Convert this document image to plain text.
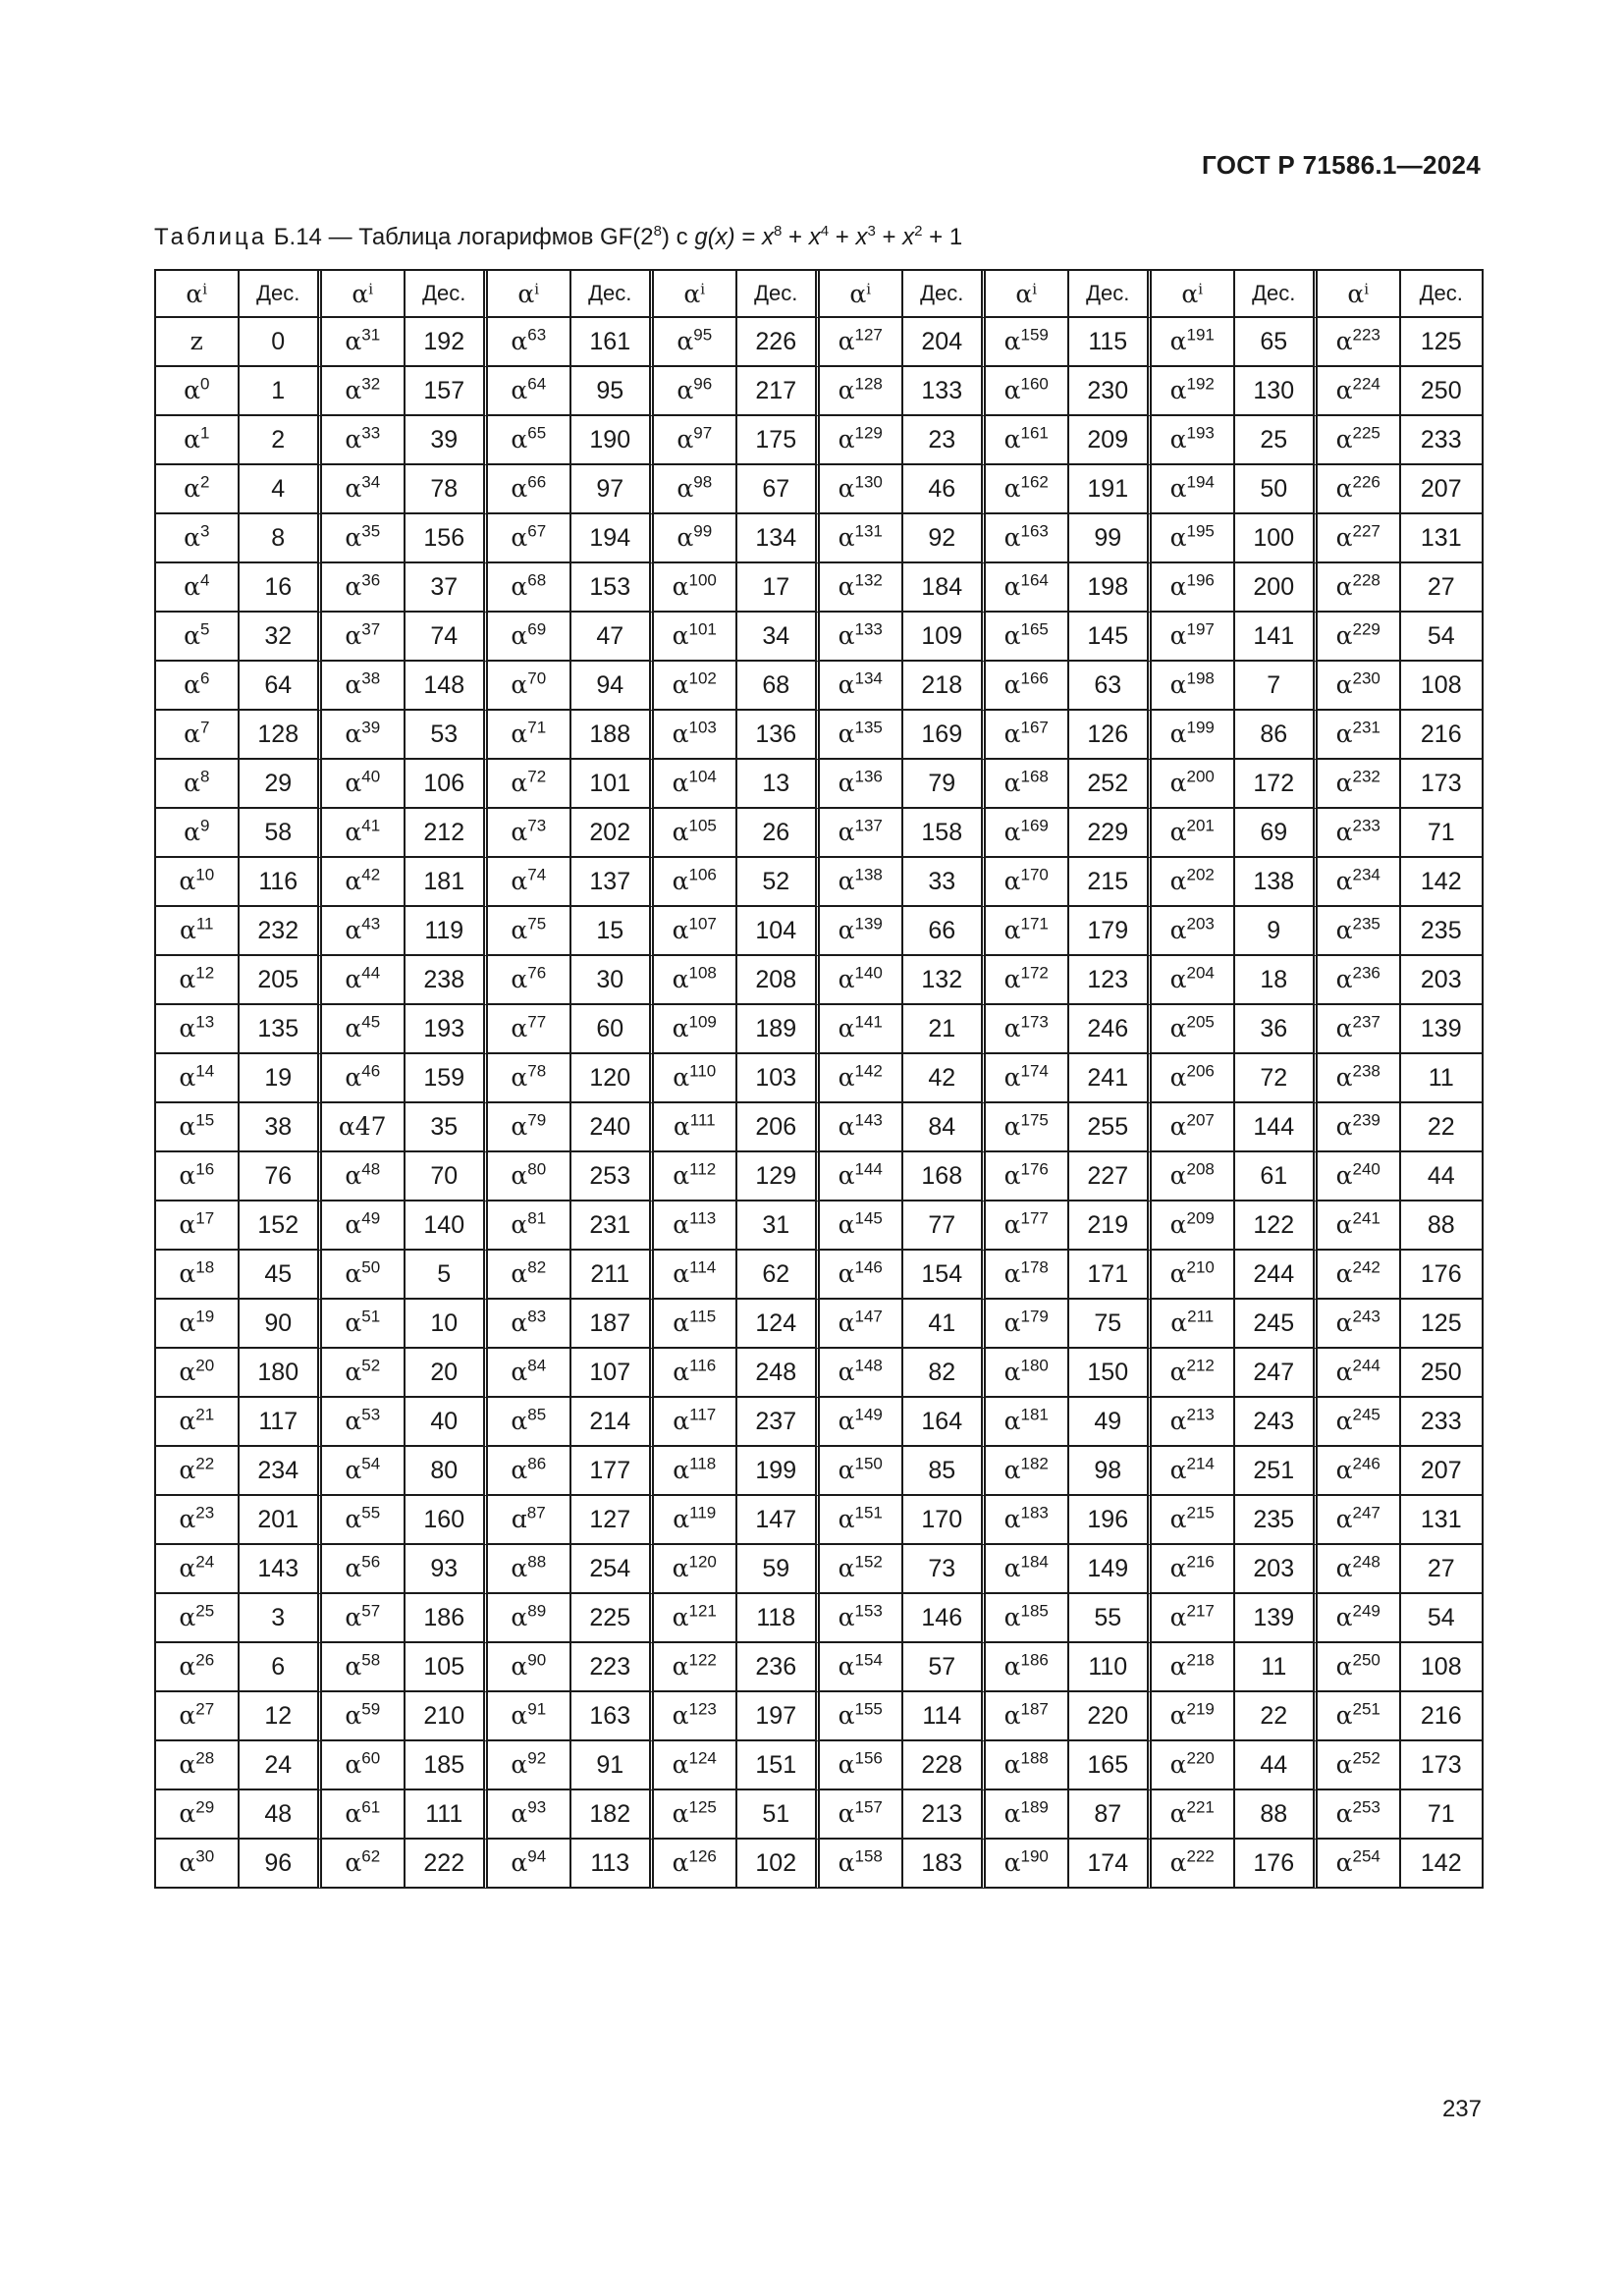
ГОСТ Р 71586.1—2024
Таблица Б.14 — Таблица логарифмов $GF(2^8)$ с $g(x) = x^8 + x^4 + x^3 + x^2 + 1$
$\alpha^i$	Дес.	$\alpha^i$	Дес.	$\alpha^i$	Дес.	$\alpha^i$	Дес.	$\alpha^i$	Дес.	$\alpha^i$	Дес.	$\alpha^i$	Дес.	$\alpha^i$	Дес.
z	0	$\alpha^{31}$	192	$\alpha^{63}$	161	$\alpha^{95}$	226	$\alpha^{127}$	204	$\alpha^{159}$	115	$\alpha^{191}$	65	$\alpha^{223}$	125
$\alpha^0$	1	$\alpha^{32}$	157	$\alpha^{64}$	95	$\alpha^{96}$	217	$\alpha^{128}$	133	$\alpha^{160}$	230	$\alpha^{192}$	130	$\alpha^{224}$	250
$\alpha^1$	2	$\alpha^{33}$	39	$\alpha^{65}$	190	$\alpha^{97}$	175	$\alpha^{129}$	23	$\alpha^{161}$	209	$\alpha^{193}$	25	$\alpha^{225}$	233
$\alpha^2$	4	$\alpha^{34}$	78	$\alpha^{66}$	97	$\alpha^{98}$	67	$\alpha^{130}$	46	$\alpha^{162}$	191	$\alpha^{194}$	50	$\alpha^{226}$	207
$\alpha^3$	8	$\alpha^{35}$	156	$\alpha^{67}$	194	$\alpha^{99}$	134	$\alpha^{131}$	92	$\alpha^{163}$	99	$\alpha^{195}$	100	$\alpha^{227}$	131
$\alpha^4$	16	$\alpha^{36}$	37	$\alpha^{68}$	153	$\alpha^{100}$	17	$\alpha^{132}$	184	$\alpha^{164}$	198	$\alpha^{196}$	200	$\alpha^{228}$	27
$\alpha^5$	32	$\alpha^{37}$	74	$\alpha^{69}$	47	$\alpha^{101}$	34	$\alpha^{133}$	109	$\alpha^{165}$	145	$\alpha^{197}$	141	$\alpha^{229}$	54
$\alpha^6$	64	$\alpha^{38}$	148	$\alpha^{70}$	94	$\alpha^{102}$	68	$\alpha^{134}$	218	$\alpha^{166}$	63	$\alpha^{198}$	7	$\alpha^{230}$	108
$\alpha^7$	128	$\alpha^{39}$	53	$\alpha^{71}$	188	$\alpha^{103}$	136	$\alpha^{135}$	169	$\alpha^{167}$	126	$\alpha^{199}$	86	$\alpha^{231}$	216
$\alpha^8$	29	$\alpha^{40}$	106	$\alpha^{72}$	101	$\alpha^{104}$	13	$\alpha^{136}$	79	$\alpha^{168}$	252	$\alpha^{200}$	172	$\alpha^{232}$	173
$\alpha^9$	58	$\alpha^{41}$	212	$\alpha^{73}$	202	$\alpha^{105}$	26	$\alpha^{137}$	158	$\alpha^{169}$	229	$\alpha^{201}$	69	$\alpha^{233}$	71
$\alpha^{10}$	116	$\alpha^{42}$	181	$\alpha^{74}$	137	$\alpha^{106}$	52	$\alpha^{138}$	33	$\alpha^{170}$	215	$\alpha^{202}$	138	$\alpha^{234}$	142
$\alpha^{11}$	232	$\alpha^{43}$	119	$\alpha^{75}$	15	$\alpha^{107}$	104	$\alpha^{139}$	66	$\alpha^{171}$	179	$\alpha^{203}$	9	$\alpha^{235}$	235
$\alpha^{12}$	205	$\alpha^{44}$	238	$\alpha^{76}$	30	$\alpha^{108}$	208	$\alpha^{140}$	132	$\alpha^{172}$	123	$\alpha^{204}$	18	$\alpha^{236}$	203
$\alpha^{13}$	135	$\alpha^{45}$	193	$\alpha^{77}$	60	$\alpha^{109}$	189	$\alpha^{141}$	21	$\alpha^{173}$	246	$\alpha^{205}$	36	$\alpha^{237}$	139
$\alpha^{14}$	19	$\alpha^{46}$	159	$\alpha^{78}$	120	$\alpha^{110}$	103	$\alpha^{142}$	42	$\alpha^{174}$	241	$\alpha^{206}$	72	$\alpha^{238}$	11
$\alpha^{15}$	38	α47	35	$\alpha^{79}$	240	$\alpha^{111}$	206	$\alpha^{143}$	84	$\alpha^{175}$	255	$\alpha^{207}$	144	$\alpha^{239}$	22
$\alpha^{16}$	76	$\alpha^{48}$	70	$\alpha^{80}$	253	$\alpha^{112}$	129	$\alpha^{144}$	168	$\alpha^{176}$	227	$\alpha^{208}$	61	$\alpha^{240}$	44
$\alpha^{17}$	152	$\alpha^{49}$	140	$\alpha^{81}$	231	$\alpha^{113}$	31	$\alpha^{145}$	77	$\alpha^{177}$	219	$\alpha^{209}$	122	$\alpha^{241}$	88
$\alpha^{18}$	45	$\alpha^{50}$	5	$\alpha^{82}$	211	$\alpha^{114}$	62	$\alpha^{146}$	154	$\alpha^{178}$	171	$\alpha^{210}$	244	$\alpha^{242}$	176
$\alpha^{19}$	90	$\alpha^{51}$	10	$\alpha^{83}$	187	$\alpha^{115}$	124	$\alpha^{147}$	41	$\alpha^{179}$	75	$\alpha^{211}$	245	$\alpha^{243}$	125
$\alpha^{20}$	180	$\alpha^{52}$	20	$\alpha^{84}$	107	$\alpha^{116}$	248	$\alpha^{148}$	82	$\alpha^{180}$	150	$\alpha^{212}$	247	$\alpha^{244}$	250
$\alpha^{21}$	117	$\alpha^{53}$	40	$\alpha^{85}$	214	$\alpha^{117}$	237	$\alpha^{149}$	164	$\alpha^{181}$	49	$\alpha^{213}$	243	$\alpha^{245}$	233
$\alpha^{22}$	234	$\alpha^{54}$	80	$\alpha^{86}$	177	$\alpha^{118}$	199	$\alpha^{150}$	85	$\alpha^{182}$	98	$\alpha^{214}$	251	$\alpha^{246}$	207
$\alpha^{23}$	201	$\alpha^{55}$	160	ɑ$^{87}$	127	$\alpha^{119}$	147	$\alpha^{151}$	170	$\alpha^{183}$	196	$\alpha^{215}$	235	$\alpha^{247}$	131
$\alpha^{24}$	143	$\alpha^{56}$	93	$\alpha^{88}$	254	$\alpha^{120}$	59	$\alpha^{152}$	73	$\alpha^{184}$	149	$\alpha^{216}$	203	$\alpha^{248}$	27
$\alpha^{25}$	3	$\alpha^{57}$	186	$\alpha^{89}$	225	$\alpha^{121}$	118	$\alpha^{153}$	146	$\alpha^{185}$	55	$\alpha^{217}$	139	$\alpha^{249}$	54
$\alpha^{26}$	6	$\alpha^{58}$	105	$\alpha^{90}$	223	$\alpha^{122}$	236	$\alpha^{154}$	57	$\alpha^{186}$	110	$\alpha^{218}$	11	$\alpha^{250}$	108
$\alpha^{27}$	12	$\alpha^{59}$	210	$\alpha^{91}$	163	$\alpha^{123}$	197	$\alpha^{155}$	114	$\alpha^{187}$	220	$\alpha^{219}$	22	$\alpha^{251}$	216
$\alpha^{28}$	24	$\alpha^{60}$	185	$\alpha^{92}$	91	$\alpha^{124}$	151	$\alpha^{156}$	228	$\alpha^{188}$	165	$\alpha^{220}$	44	$\alpha^{252}$	173
$\alpha^{29}$	48	$\alpha^{61}$	111	$\alpha^{93}$	182	$\alpha^{125}$	51	$\alpha^{157}$	213	$\alpha^{189}$	87	$\alpha^{221}$	88	$\alpha^{253}$	71
$\alpha^{30}$	96	$\alpha^{62}$	222	$\alpha^{94}$	113	$\alpha^{126}$	102	$\alpha^{158}$	183	$\alpha^{190}$	174	$\alpha^{222}$	176	$\alpha^{254}$	142
237
